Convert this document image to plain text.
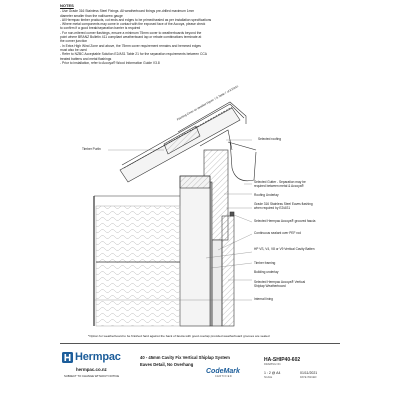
NOTES
- Use Grade 316 Stainless Steel Fixings. All weatherboard fixings pre-drilled maximum 1mm
diameter smaller than the nail/screw gauge
- All Hermpac timber products, cut ends and edges to be primed/sealed as per installation specifications
- Where metal components may come in contact with the exposed face of the Accoya, please check
to confirm if a good break/separation barrier is required
- For non-mitered corner flashings, ensure a minimum 75mm cover to weatherboards beyond the
point where BRANZ Bulletin 411 compliant weatherboard lap or rebate combinations terminate at
the corner junction
- In Extra High Wind Zone and above, the 75mm cover requirement remains and hemmed edges
must also be used
- Refer to NZBC Acceptable Solution E2/AS1 Table 21 for the separation requirements between CCA
treated battens and metal flashings
- Prior to installation, refer to Accoya® Wood Information Guide V3.8
Flashing Cover as detailed Figure 7 & Table 7 of E2/AS1
Timber Purlin
Selected roofing
Selected Gutter - Separation may be required between metal & Accoya®
Roofing Underlay
Grade 316 Stainless Steel Eaves flashing when required by E2/AS1
Selected Hermpac Accoya® grooved fascia
Continuous sealant over PEF rod
HP VS, V4, V8 or V9 Vertical Cavity Batten
Timber framing
Building underlay
Selected Hermpac Accoya® Vertical Shiplap Weatherboard
Internal lining
*Option for weatherboard to be finished hard against the back of fascia with good overlap provided weatherboard grooves are sealed
Hermpac
hermpac.co.nz
SUBJECT TO CHANGE WITHOUT NOTICE
40 - 45mm Cavity Fix Vertical Shiplap System
Eaves Detail, No Overhang
CodeMark
CERTIFIED
HA-SHIP40-602
DRAWING NO.
1 : 2 @ A4
SCALE
01/11/2021
DATE ISSUED
